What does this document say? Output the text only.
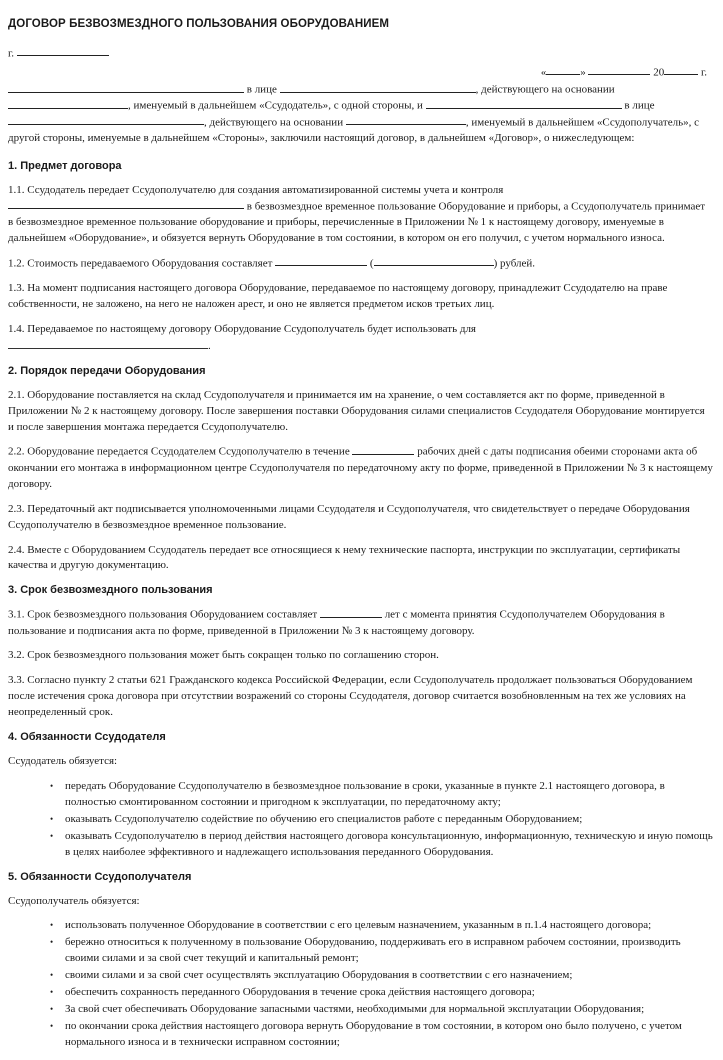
ДОГОВОР БЕЗВОЗМЕЗДНОГО ПОЛЬЗОВАНИЯ ОБОРУДОВАНИЕМ
г.
«	»	20	г.

в лице	, действующего на основании , именуемый в дальнейшем «Ссудодатель», с одной стороны, и	в лице , действующего на основании	, именуемый в дальнейшем «Ссудополучатель», с другой стороны, именуемые в дальнейшем «Стороны», заключили настоящий договор, в дальнейшем «Договор», о нижеследующем:

1. Предмет договора

1.1. Ссудодатель передает Ссудополучателю для создания автоматизированной системы учета и контроля  в безвозмездное временное пользование Оборудование и приборы, а Ссудополучатель принимает в безвозмездное временное пользование оборудование и приборы, перечисленные в Приложении № 1 к настоящему договору, именуемые в дальнейшем «Оборудование», и обязуется вернуть Оборудование в том состоянии, в котором он его получил, с учетом нормального износа.

1.2. Стоимость передаваемого Оборудования составляет	(	) рублей.

1.3. На момент подписания настоящего договора Оборудование, передаваемое по настоящему договору, принадлежит Ссудодателю на праве собственности, не заложено, на него не наложен арест, и оно не является предметом исков третьих лиц.

1.4. Передаваемое по настоящему договору Оборудование Ссудополучатель будет использовать для
.

2. Порядок передачи Оборудования

2.1. Оборудование поставляется на склад Ссудополучателя и принимается им на хранение, о чем составляется акт по форме, приведенной в Приложении № 2 к настоящему договору. После завершения поставки Оборудования силами специалистов Ссудодателя Оборудование монтируется и после завершения монтажа передается Ссудополучателю.

2.2. Оборудование передается Ссудодателем Ссудополучателю в течение	рабочих дней с даты подписания обеими сторонами акта об окончании его монтажа в информационном центре Ссудополучателя по передаточному акту по форме, приведенной в Приложении № 3 к настоящему договору.

2.3. Передаточный акт подписывается уполномоченными лицами Ссудодателя и Ссудополучателя, что свидетельствует о передаче Оборудования Ссудополучателю в безвозмездное временное пользование.

2.4. Вместе с Оборудованием Ссудодатель передает все относящиеся к нему технические паспорта, инструкции по эксплуатации, сертификаты качества и другую документацию.

3. Срок безвозмездного пользования

3.1. Срок безвозмездного пользования Оборудованием составляет	лет с момента принятия Ссудополучателем Оборудования в пользование и подписания акта по форме, приведенной в Приложении № 3 к настоящему договору.

3.2. Срок безвозмездного пользования может быть сокращен только по соглашению сторон.

3.3. Согласно пункту 2 статьи 621 Гражданского кодекса Российской Федерации, если Ссудополучатель продолжает пользоваться Оборудованием после истечения срока договора при отсутствии возражений со стороны Ссудодателя, договор считается возобновленным на тех же условиях на неопределенный срок.

4. Обязанности Ссудодателя

Ссудодатель обязуется:

• передать Оборудование Ссудополучателю в безвозмездное пользование в сроки, указанные в пункте 2.1 настоящего договора, в полностью смонтированном состоянии и пригодном к эксплуатации, по передаточному акту;
• оказывать Ссудополучателю содействие по обучению его специалистов работе с переданным Оборудованием;
• оказывать Ссудополучателю в период действия настоящего договора консультационную, информационную, техническую и иную помощь в целях наиболее эффективного и надлежащего использования переданного Оборудования.
5. Обязанности Ссудополучателя

Ссудополучатель обязуется:

• использовать полученное Оборудование в соответствии с его целевым назначением, указанным в п.1.4 настоящего договора;
• бережно относиться к полученному в пользование Оборудованию, поддерживать его в исправном рабочем состоянии, производить своими силами и за свой счет текущий и капитальный ремонт;
• своими силами и за свой счет осуществлять эксплуатацию Оборудования в соответствии с его назначением;
• обеспечить сохранность переданного Оборудования в течение срока действия настоящего договора;
• За свой счет обеспечивать Оборудование запасными частями, необходимыми для нормальной эксплуатации Оборудования;
• по окончании срока действия настоящего договора вернуть Оборудование в том состоянии, в котором оно было получено, с учетом нормального износа и в технически исправном состоянии;
